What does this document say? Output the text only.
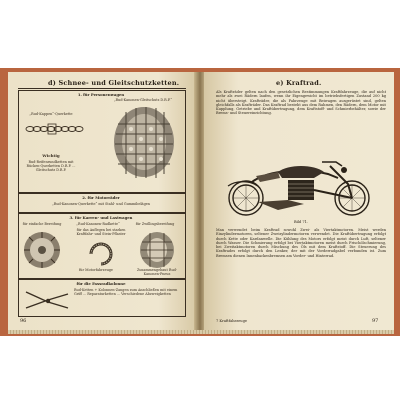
d) Schnee- und Gleitschutzketten.
1. für Personenwagen
„Rud-Kappen“-Querkette
Wichtig
Rud-Reifenrundketten mit Rücken-Querketten D.R.P. ... Gleitschutz D.R.P.
„Rud-Kanonen-Gleitschutz D.R.P.“
2. für Motorräder
„Rud-Kanonen-Querkette“ mit Stahl- und Gummibelägen
3. für Karren- und Lastwagen
für einfache Bereifung	„Rud-Kanonen-Radkette“	für Zwillingsbereifung
für das Auflegen bei starken Kraftfahr- und Stein-Pflaster
für Motorfahrzeuge	Zusammengebaut Rud-Kanonen-Pneus
für die Fassradkolonne
Rud-Ketten + Kolonnen-Zangen zum Anschließen mit einem Griff ... Reparaturketten ... Verschiedene Abzweigketten
96
e) Kraftrad.
Als Krafträder gelten nach den gesetzlichen Bestimmungen Kraftfahrzeuge, die auf nicht mehr als zwei Rädern laufen, wenn ihr Eigengewicht im betriebsfertigen Zustand 200 kg nicht übersteigt. Krafträder, die als Fahrzeuge mit Beiwagen ausgerüstet sind, gelten gleichfalls als Krafträder. Das Kraftrad besteht aus dem Rahmen, den Rädern, dem Motor mit Kupplung, Getriebe und Kraftübertragung, dem Kraftstoff- und Schmierbehälter, sowie der Brems- und Steuereinrichtung.
Bild 71.
Man verwendet beim Kraftrad sowohl Zwei- als Viertaktmotoren. Meist werden Einzylindermotoren, seltener Zweizylindermotoren verwendet. Die Kraftübertragung erfolgt durch Kette oder Kardanwelle. Die Kühlung des Motors erfolgt meist durch Luft, seltener durch Wasser. Die Schmierung erfolgt bei Viertaktmotoren meist durch Frischölschmierung, bei Zweitaktmotoren durch Mischung des Öls mit dem Kraftstoff. Die Steuerung des Kraftrades erfolgt durch den Lenker, der mit der Vorderradgabel verbunden ist. Zum Bremsen dienen Innenbackenbremsen am Vorder- und Hinterrad.
7 Kraftfahrzeuge	97
